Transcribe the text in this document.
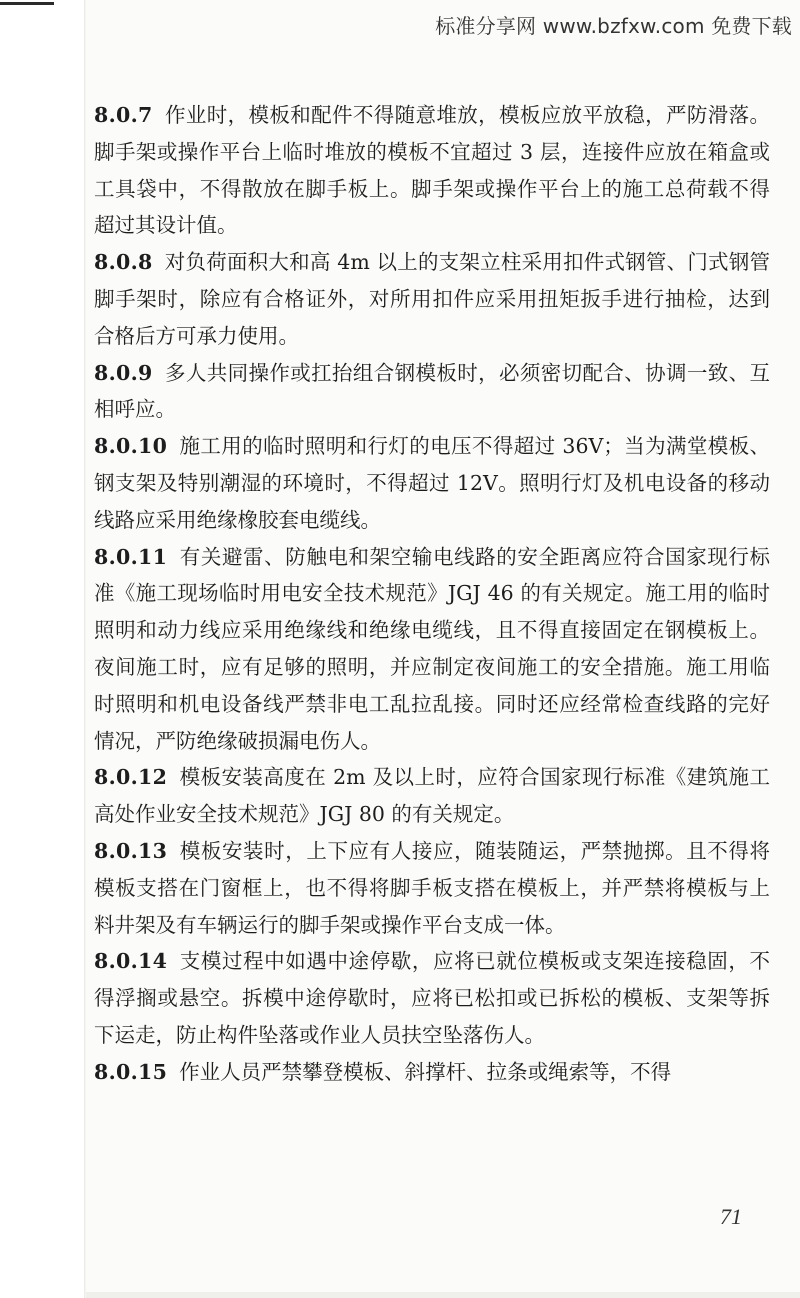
标准分享网 www.bzfxw.com 免费下载

8.0.7 作业时，模板和配件不得随意堆放，模板应放平放稳，严防滑落。脚手架或操作平台上临时堆放的模板不宜超过 3 层，连接件应放在箱盒或工具袋中，不得散放在脚手板上。脚手架或操作平台上的施工总荷载不得超过其设计值。

8.0.8 对负荷面积大和高 4m 以上的支架立柱采用扣件式钢管、门式钢管脚手架时，除应有合格证外，对所用扣件应采用扭矩扳手进行抽检，达到合格后方可承力使用。

8.0.9 多人共同操作或扛抬组合钢模板时，必须密切配合、协调一致、互相呼应。

8.0.10 施工用的临时照明和行灯的电压不得超过 36V；当为满堂模板、钢支架及特别潮湿的环境时，不得超过 12V。照明行灯及机电设备的移动线路应采用绝缘橡胶套电缆线。

8.0.11 有关避雷、防触电和架空输电线路的安全距离应符合国家现行标准《施工现场临时用电安全技术规范》JGJ 46 的有关规定。施工用的临时照明和动力线应采用绝缘线和绝缘电缆线，且不得直接固定在钢模板上。夜间施工时，应有足够的照明，并应制定夜间施工的安全措施。施工用临时照明和机电设备线严禁非电工乱拉乱接。同时还应经常检查线路的完好情况，严防绝缘破损漏电伤人。

8.0.12 模板安装高度在 2m 及以上时，应符合国家现行标准《建筑施工高处作业安全技术规范》JGJ 80 的有关规定。

8.0.13 模板安装时，上下应有人接应，随装随运，严禁抛掷。且不得将模板支搭在门窗框上，也不得将脚手板支搭在模板上，并严禁将模板与上料井架及有车辆运行的脚手架或操作平台支成一体。

8.0.14 支模过程中如遇中途停歇，应将已就位模板或支架连接稳固，不得浮搁或悬空。拆模中途停歇时，应将已松扣或已拆松的模板、支架等拆下运走，防止构件坠落或作业人员扶空坠落伤人。

8.0.15 作业人员严禁攀登模板、斜撑杆、拉条或绳索等，不得

71
